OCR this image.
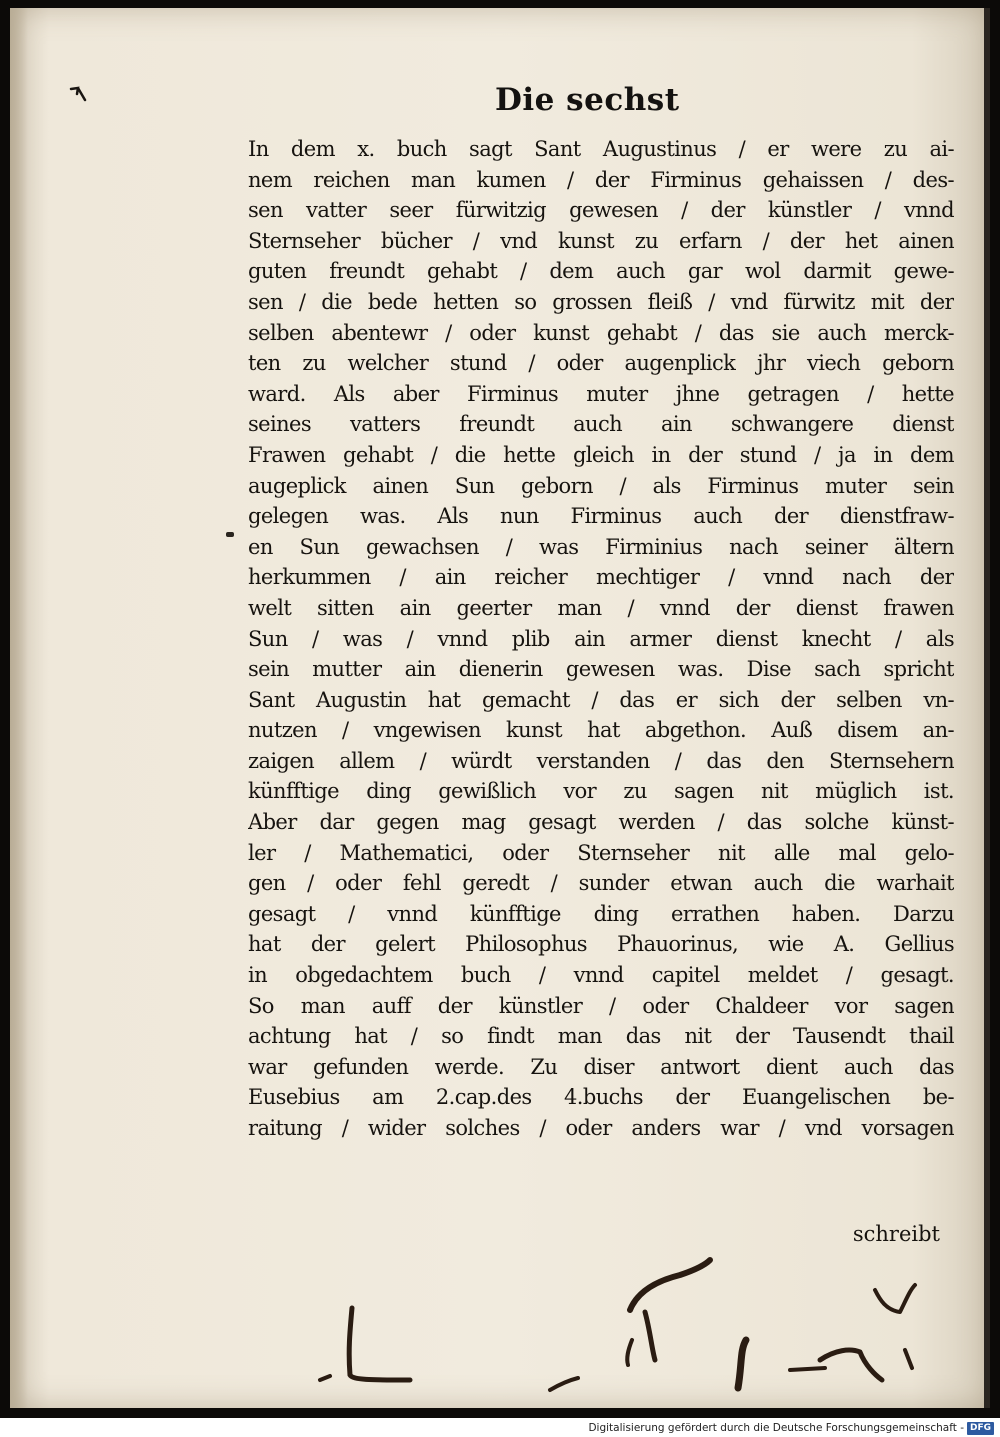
Die sechst
In dem x. buch sagt Sant Augustinus / er were zu ai-
nem reichen man kumen / der Firminus gehaissen / des-
sen vatter seer fürwitzig gewesen / der künstler / vnnd
Sternseher bücher / vnd kunst zu erfarn / der het ainen
guten freundt gehabt / dem auch gar wol darmit gewe-
sen / die bede hetten so grossen fleiß / vnd fürwitz mit der
selben abentewr / oder kunst gehabt / das sie auch merck-
ten zu welcher stund / oder augenplick jhr viech geborn
ward. Als aber Firminus muter jhne getragen / hette
seines vatters freundt auch ain schwangere dienst
Frawen gehabt / die hette gleich in der stund / ja in dem
augeplick ainen Sun geborn / als Firminus muter sein
gelegen was. Als nun Firminus auch der dienstfraw-
en Sun gewachsen / was Firminius nach seiner ältern
herkummen / ain reicher mechtiger / vnnd nach der
welt sitten ain geerter man / vnnd der dienst frawen
Sun / was / vnnd plib ain armer dienst knecht / als
sein mutter ain dienerin gewesen was. Dise sach spricht
Sant Augustin hat gemacht / das er sich der selben vn-
nutzen / vngewisen kunst hat abgethon. Auß disem an-
zaigen allem / würdt verstanden / das den Sternsehern
künfftige ding gewißlich vor zu sagen nit müglich ist.
Aber dar gegen mag gesagt werden / das solche künst-
ler / Mathematici, oder Sternseher nit alle mal gelo-
gen / oder fehl geredt / sunder etwan auch die warhait
gesagt / vnnd künfftige ding errathen haben. Darzu
hat der gelert Philosophus Phauorinus, wie A. Gellius
in obgedachtem buch / vnnd capitel meldet / gesagt.
So man auff der künstler / oder Chaldeer vor sagen
achtung hat / so findt man das nit der Tausendt thail
war gefunden werde. Zu diser antwort dient auch das
Eusebius am 2.cap.des 4.buchs der Euangelischen be-
raitung / wider solches / oder anders war / vnd vorsagen
schreibt
Digitalisierung gefördert durch die Deutsche Forschungsgemeinschaft - DFG
